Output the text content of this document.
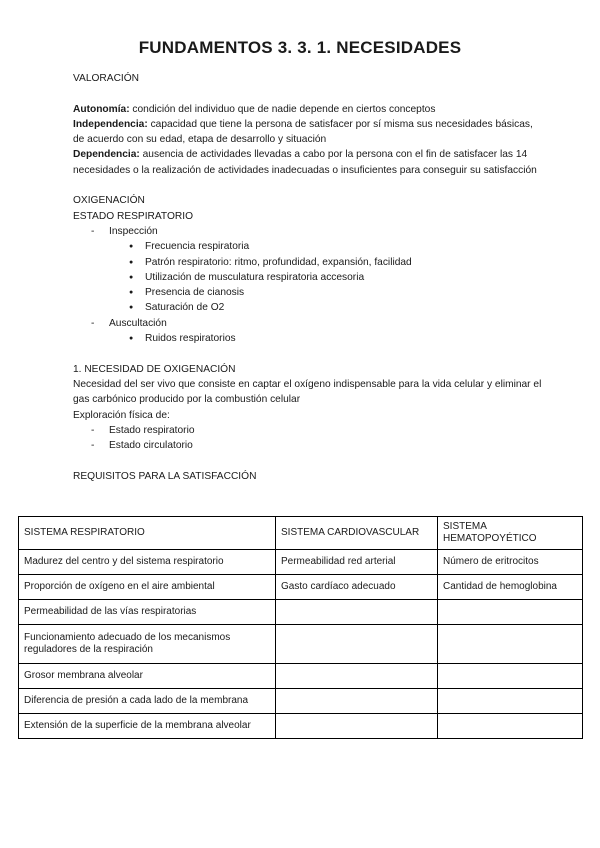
FUNDAMENTOS 3. 3. 1. NECESIDADES

VALORACIÓN

Autonomía: condición del individuo que de nadie depende en ciertos conceptos

Independencia: capacidad que tiene la persona de satisfacer por sí misma sus necesidades básicas, de acuerdo con su edad, etapa de desarrollo y situación

Dependencia: ausencia de actividades llevadas a cabo por la persona con el fin de satisfacer las 14 necesidades o la realización de actividades inadecuadas o insuficientes para conseguir su satisfacción

OXIGENACIÓN

ESTADO RESPIRATORIO

- Inspección
● Frecuencia respiratoria
● Patrón respiratorio: ritmo, profundidad, expansión, facilidad
● Utilización de musculatura respiratoria accesoria
● Presencia de cianosis
● Saturación de O2
- Auscultación
● Ruidos respiratorios

1. NECESIDAD DE OXIGENACIÓN

Necesidad del ser vivo que consiste en captar el oxígeno indispensable para la vida celular y eliminar el gas carbónico producido por la combustión celular

Exploración física de:

- Estado respiratorio
- Estado circulatorio

REQUISITOS PARA LA SATISFACCIÓN

SISTEMA RESPIRATORIO	SISTEMA CARDIOVASCULAR	SISTEMA HEMATOPOYÉTICO
Madurez del centro y del sistema respiratorio	Permeabilidad red arterial	Número de eritrocitos
Proporción de oxígeno en el aire ambiental	Gasto cardíaco adecuado	Cantidad de hemoglobina
Permeabilidad de las vías respiratorias		
Funcionamiento adecuado de los mecanismos reguladores de la respiración		
Grosor membrana alveolar		
Diferencia de presión a cada lado de la membrana		
Extensión de la superficie de la membrana alveolar		
